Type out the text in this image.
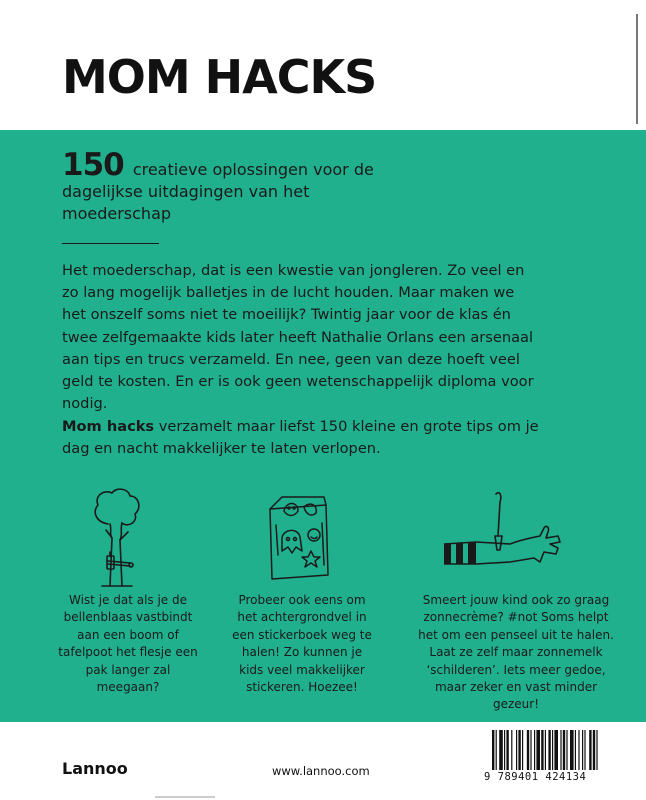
MOM HACKS
150 creatieve oplossingen voor de dagelijkse uitdagingen van het moederschap

Het moederschap, dat is een kwestie van jongleren. Zo veel en zo lang mogelijk balletjes in de lucht houden. Maar maken we het onszelf soms niet te moeilijk? Twintig jaar voor de klas én twee zelfgemaakte kids later heeft Nathalie Orlans een arsenaal aan tips en trucs verzameld. En nee, geen van deze hoeft veel geld te kosten. En er is ook geen wetenschappelijk diploma voor nodig.

Mom hacks verzamelt maar liefst 150 kleine en grote tips om je dag en nacht makkelijker te laten verlopen.

Wist je dat als je de bellenblaas vastbindt aan een boom of tafelpoot het flesje een pak langer zal meegaan?

Probeer ook eens om het achtergrondvel in een stickerboek weg te halen! Zo kunnen je kids veel makkelijker stickeren. Hoezee!

Smeert jouw kind ook zo graag zonnecrème? #not Soms helpt het om een penseel uit te halen. Laat ze zelf maar zonnemelk ‘schilderen’. Iets meer gedoe, maar zeker en vast minder gezeur!

Lannoo	www.lannoo.com	9 789401 424134
